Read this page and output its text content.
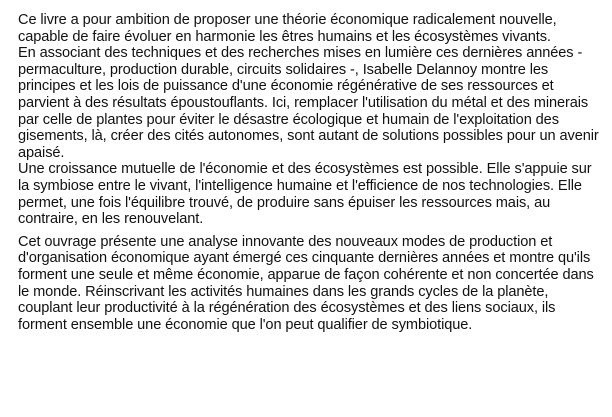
Ce livre a pour ambition de proposer une théorie économique radicalement nouvelle,
capable de faire évoluer en harmonie les êtres humains et les écosystèmes vivants.
En associant des techniques et des recherches mises en lumière ces dernières années -
permaculture, production durable, circuits solidaires -, Isabelle Delannoy montre les
principes et les lois de puissance d'une économie régénérative de ses ressources et
parvient à des résultats époustouflants. Ici, remplacer l'utilisation du métal et des minerais
par celle de plantes pour éviter le désastre écologique et humain de l'exploitation des
gisements, là, créer des cités autonomes, sont autant de solutions possibles pour un avenir
apaisé.
Une croissance mutuelle de l'économie et des écosystèmes est possible. Elle s'appuie sur
la symbiose entre le vivant, l'intelligence humaine et l'efficience de nos technologies. Elle
permet, une fois l'équilibre trouvé, de produire sans épuiser les ressources mais, au
contraire, en les renouvelant.
Cet ouvrage présente une analyse innovante des nouveaux modes de production et
d'organisation économique ayant émergé ces cinquante dernières années et montre qu'ils
forment une seule et même économie, apparue de façon cohérente et non concertée dans
le monde. Réinscrivant les activités humaines dans les grands cycles de la planète,
couplant leur productivité à la régénération des écosystèmes et des liens sociaux, ils
forment ensemble une économie que l'on peut qualifier de symbiotique.
